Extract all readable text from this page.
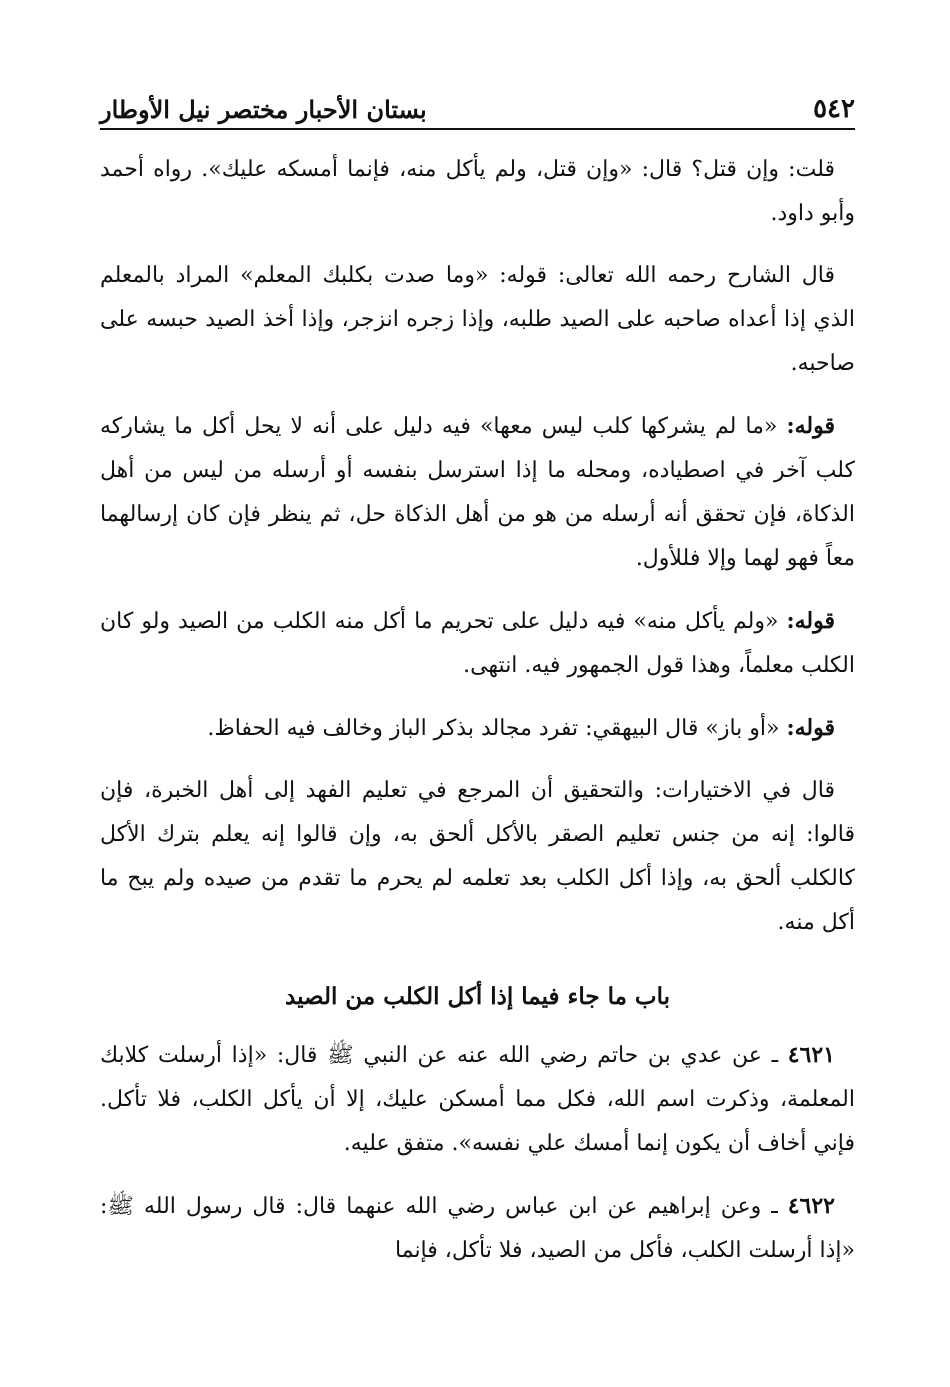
٥٤٢
بستان الأحبار مختصر نيل الأوطار

قلت: وإن قتل؟ قال: «وإن قتل، ولم يأكل منه، فإنما أمسكه عليك». رواه أحمد وأبو داود.

قال الشارح رحمه الله تعالى: قوله: «وما صدت بكلبك المعلم» المراد بالمعلم الذي إذا أعداه صاحبه على الصيد طلبه، وإذا زجره انزجر، وإذا أخذ الصيد حبسه على صاحبه.

قوله: «ما لم يشركها كلب ليس معها» فيه دليل على أنه لا يحل أكل ما يشاركه كلب آخر في اصطياده، ومحله ما إذا استرسل بنفسه أو أرسله من ليس من أهل الذكاة، فإن تحقق أنه أرسله من هو من أهل الذكاة حل، ثم ينظر فإن كان إرسالهما معاً فهو لهما وإلا فللأول.

قوله: «ولم يأكل منه» فيه دليل على تحريم ما أكل منه الكلب من الصيد ولو كان الكلب معلماً، وهذا قول الجمهور فيه. انتهى.

قوله: «أو باز» قال البيهقي: تفرد مجالد بذكر الباز وخالف فيه الحفاظ.

قال في الاختيارات: والتحقيق أن المرجع في تعليم الفهد إلى أهل الخبرة، فإن قالوا: إنه من جنس تعليم الصقر بالأكل ألحق به، وإن قالوا إنه يعلم بترك الأكل كالكلب ألحق به، وإذا أكل الكلب بعد تعلمه لم يحرم ما تقدم من صيده ولم يبح ما أكل منه.

باب ما جاء فيما إذا أكل الكلب من الصيد

٤٦٢١ ـ عن عدي بن حاتم رضي الله عنه عن النبي ﷺ قال: «إذا أرسلت كلابك المعلمة، وذكرت اسم الله، فكل مما أمسكن عليك، إلا أن يأكل الكلب، فلا تأكل. فإني أخاف أن يكون إنما أمسك علي نفسه». متفق عليه.

٤٦٢٢ ـ وعن إبراهيم عن ابن عباس رضي الله عنهما قال: قال رسول الله ﷺ: «إذا أرسلت الكلب، فأكل من الصيد، فلا تأكل، فإنما
